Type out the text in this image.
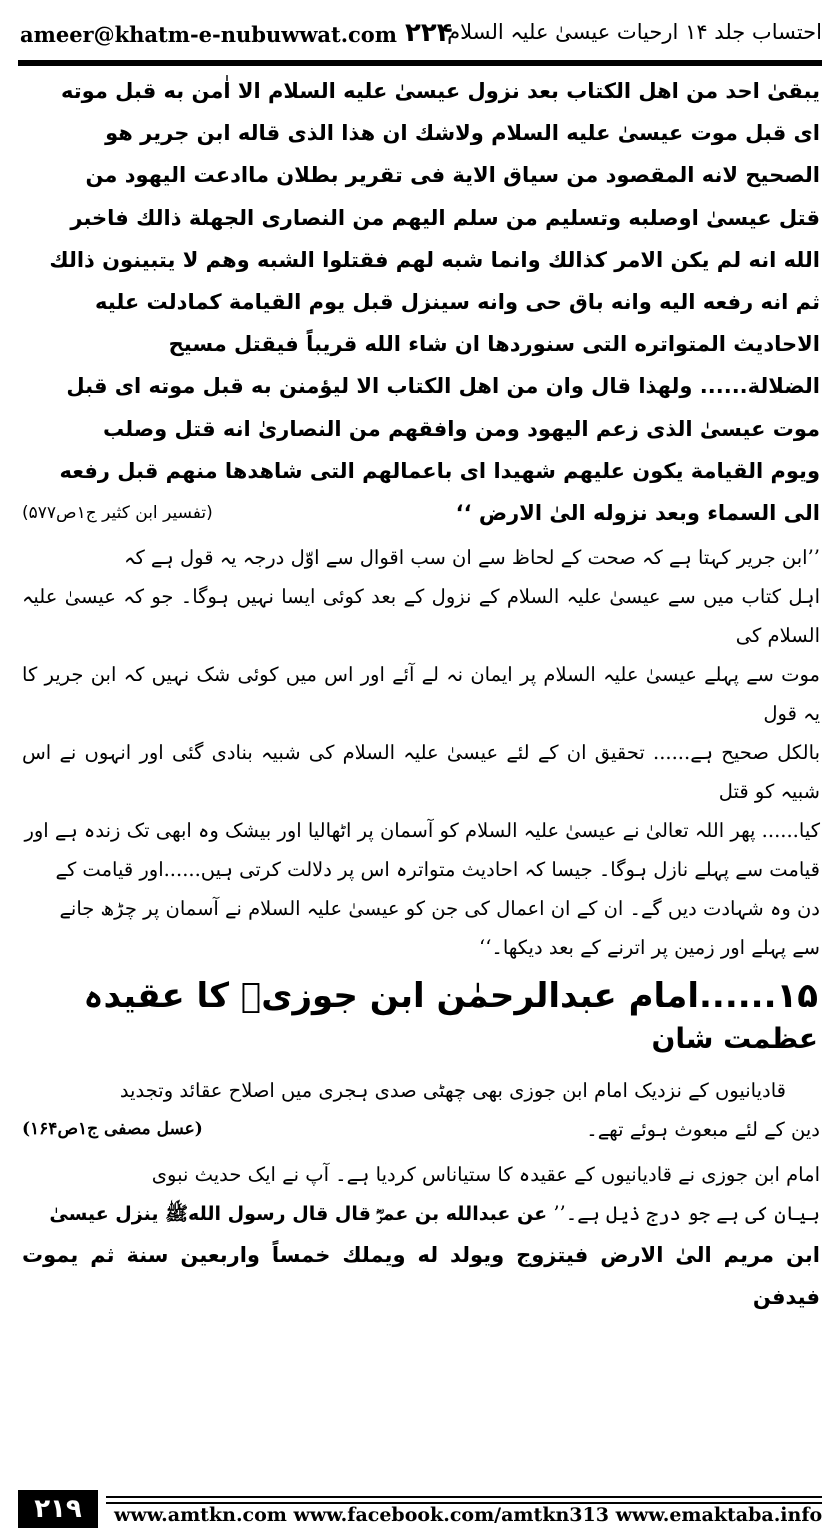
ameer@khatm-e-nubuwwat.com ۲۲۴
احتساب جلد ۱۴ ارحیات عیسیٰ علیہ السلام

يبقىٰ احد من اهل الكتاب بعد نزول عيسىٰ عليه السلام الا اٰمن به قبل موته

اى قبل موت عيسىٰ عليه السلام ولاشك ان هذا الذى قاله ابن جرير هو

الصحيح لانه المقصود من سياق الاية فى تقرير بطلان ماادعت اليهود من

قتل عيسىٰ اوصلبه وتسليم من سلم اليهم من النصارى الجهلة ذالك فاخبر

الله انه لم يكن الامر كذالك وانما شبه لهم فقتلوا الشبه وهم لا يتبينون ذالك

ثم انه رفعه اليه وانه باق حى وانه سينزل قبل يوم القيامة كمادلت عليه

الاحاديث المتواتره التى سنوردها ان شاء الله قريباً فيقتل مسيح

الضلالة...... ولهذا قال وان من اهل الكتاب الا ليؤمنن به قبل موته اى قبل

موت عيسىٰ الذى زعم اليهود ومن وافقهم من النصارىٰ انه قتل وصلب

ويوم القيامة يكون عليهم شهيدا اى باعمالهم التى شاهدها منهم قبل رفعه

الى السماء وبعد نزوله الىٰ الارض ‘‘
(تفسیر ابن کثیر ج۱ص۵۷۷)

’’ابن جریر کہتا ہے کہ صحت کے لحاظ سے ان سب اقوال سے اوّل درجہ یہ قول ہے کہ

اہل کتاب میں سے عیسیٰ علیہ السلام کے نزول کے بعد کوئی ایسا نہیں ہوگا۔ جو کہ عیسیٰ علیہ السلام کی

موت سے پہلے عیسیٰ علیہ السلام پر ایمان نہ لے آئے اور اس میں کوئی شک نہیں کہ ابن جریر کا یہ قول

بالکل صحیح ہے...... تحقیق ان کے لئے عیسیٰ علیہ السلام کی شبیہ بنادی گئی اور انہوں نے اس شبیہ کو قتل

کیا...... پھر اللہ تعالیٰ نے عیسیٰ علیہ السلام کو آسمان پر اٹھالیا اور بیشک وہ ابھی تک زندہ ہے اور

قیامت سے پہلے نازل ہوگا۔ جیسا کہ احادیث متواترہ اس پر دلالت کرتی ہیں......اور قیامت کے

دن وہ شہادت دیں گے۔ ان کے ان اعمال کی جن کو عیسیٰ علیہ السلام نے آسمان پر چڑھ جانے

سے پہلے اور زمین پر اترنے کے بعد دیکھا۔‘‘

۱۵......امام عبدالرحمٰن ابن جوزیؒ کا عقیدہ
عظمت شان

قادیانیوں کے نزدیک امام ابن جوزی بھی چھٹی صدی ہجری میں اصلاح عقائد وتجدید

دین کے لئے مبعوث ہوئے تھے۔
(عسل مصفی ج۱ص۱۶۴)

امام ابن جوزی نے قادیانیوں کے عقیدہ کا ستیاناس کردیا ہے۔ آپ نے ایک حدیث نبوی

بیان کی ہے جو درج ذیل ہے۔’’ عن عبدالله بن عمرؓ قال قال رسول اللهﷺ ينزل عيسىٰ

ابن مريم الىٰ الارض فيتزوج ويولد له ويملك خمساً واربعين سنة ثم يموت فيدفن

۲۱۹	www.amtkn.com www.facebook.com/amtkn313 www.emaktaba.info
